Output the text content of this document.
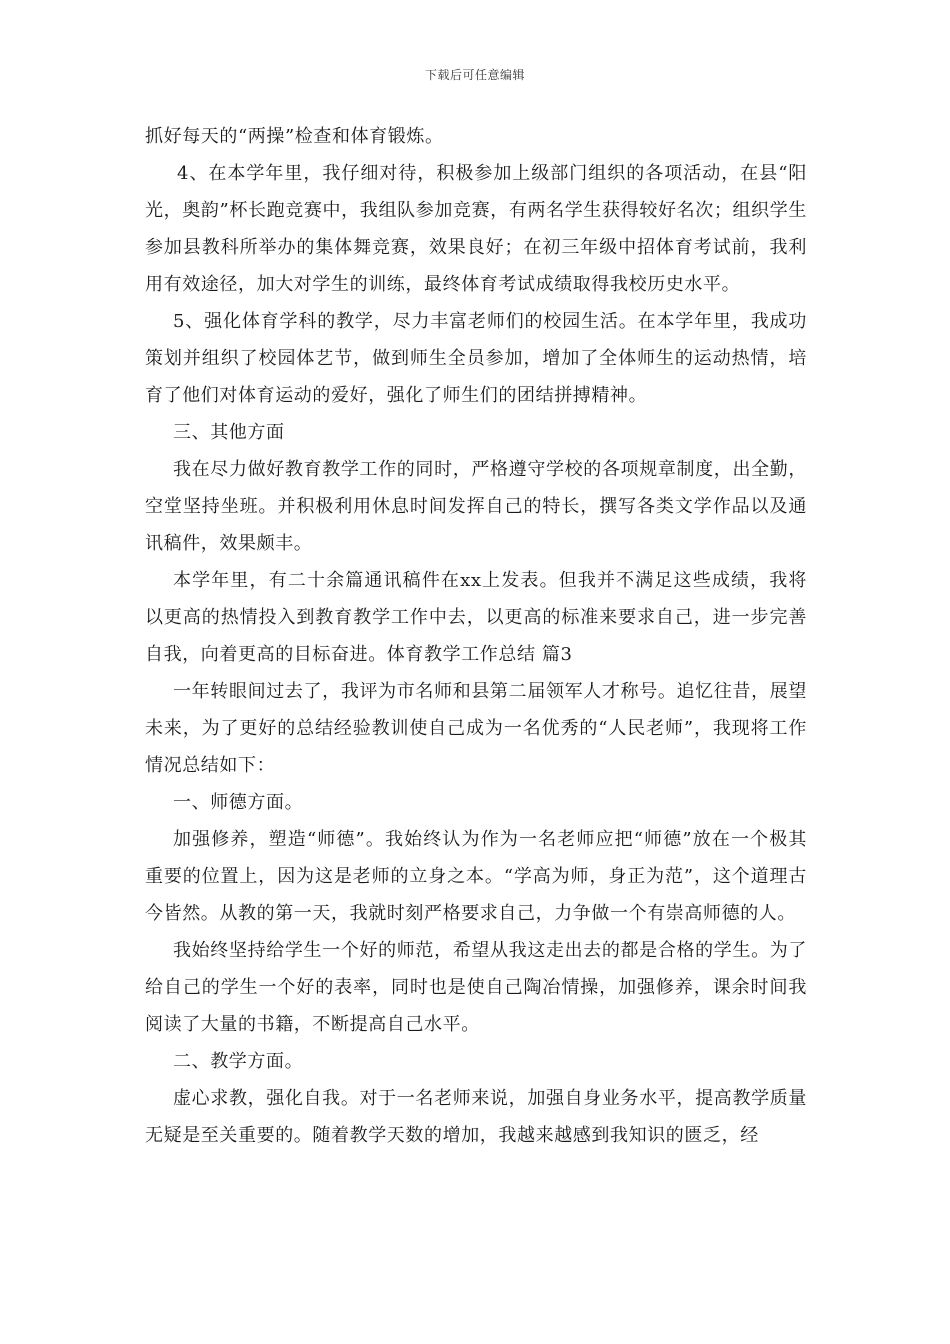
下载后可任意编辑

抓好每天的“两操”检查和体育锻炼。

4、在本学年里，我仔细对待，积极参加上级部门组织的各项活动，在县“阳光，奥韵”杯长跑竞赛中，我组队参加竞赛，有两名学生获得较好名次；组织学生参加县教科所举办的集体舞竞赛，效果良好；在初三年级中招体育考试前，我利用有效途径，加大对学生的训练，最终体育考试成绩取得我校历史水平。

5、强化体育学科的教学，尽力丰富老师们的校园生活。在本学年里，我成功策划并组织了校园体艺节，做到师生全员参加，增加了全体师生的运动热情，培育了他们对体育运动的爱好，强化了师生们的团结拼搏精神。

三、其他方面

我在尽力做好教育教学工作的同时，严格遵守学校的各项规章制度，出全勤，空堂坚持坐班。并积极利用休息时间发挥自己的特长，撰写各类文学作品以及通讯稿件，效果颇丰。

本学年里，有二十余篇通讯稿件在xx上发表。但我并不满足这些成绩，我将以更高的热情投入到教育教学工作中去，以更高的标准来要求自己，进一步完善自我，向着更高的目标奋进。体育教学工作总结 篇3

一年转眼间过去了，我评为市名师和县第二届领军人才称号。追忆往昔，展望未来，为了更好的总结经验教训使自己成为一名优秀的“人民老师”，我现将工作情况总结如下：

一、师德方面。

加强修养，塑造“师德”。我始终认为作为一名老师应把“师德”放在一个极其重要的位置上，因为这是老师的立身之本。“学高为师，身正为范”，这个道理古今皆然。从教的第一天，我就时刻严格要求自己，力争做一个有崇高师德的人。

我始终坚持给学生一个好的师范，希望从我这走出去的都是合格的学生。为了给自己的学生一个好的表率，同时也是使自己陶冶情操，加强修养，课余时间我阅读了大量的书籍，不断提高自己水平。

二、教学方面。

虚心求教，强化自我。对于一名老师来说，加强自身业务水平，提高教学质量无疑是至关重要的。随着教学天数的增加，我越来越感到我知识的匮乏，经
